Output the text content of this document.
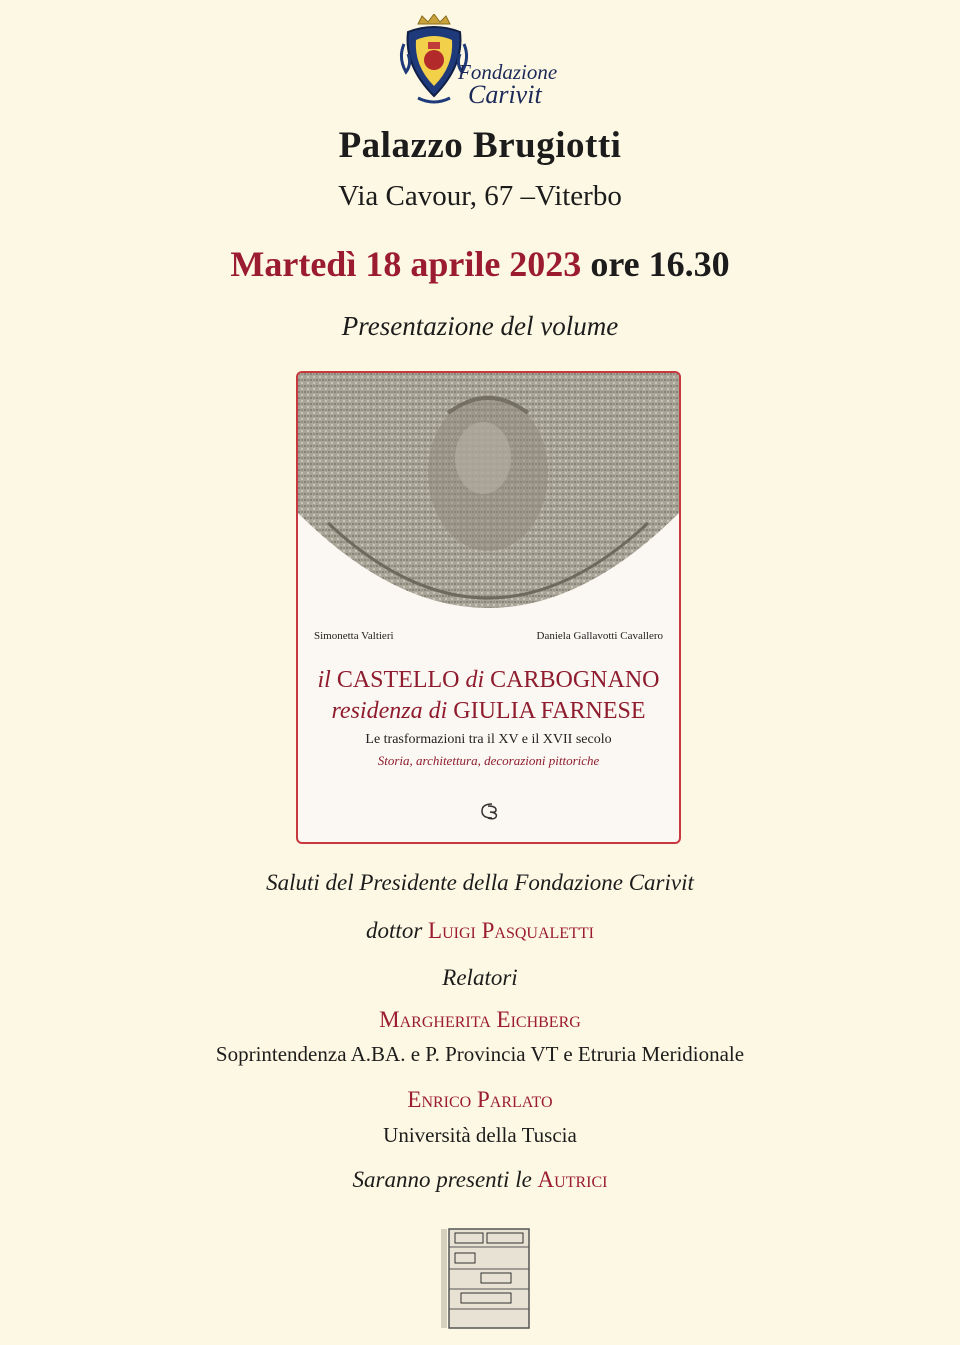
Fondazione
Carivit
Palazzo Brugiotti
Via Cavour, 67 –Viterbo
Martedì 18 aprile 2023 ore 16.30
Presentazione del volume
Simonetta Valtieri	Daniela Gallavotti Cavallero
il CASTELLO di CARBOGNANO
residenza di GIULIA FARNESE
Le trasformazioni tra il XV e il XVII secolo
Storia, architettura, decorazioni pittoriche
Saluti del Presidente della Fondazione Carivit
dottor Luigi Pasqualetti
Relatori
Margherita Eichberg
Soprintendenza A.BA. e P. Provincia VT e Etruria Meridionale
Enrico Parlato
Università della Tuscia
Saranno presenti le Autrici
